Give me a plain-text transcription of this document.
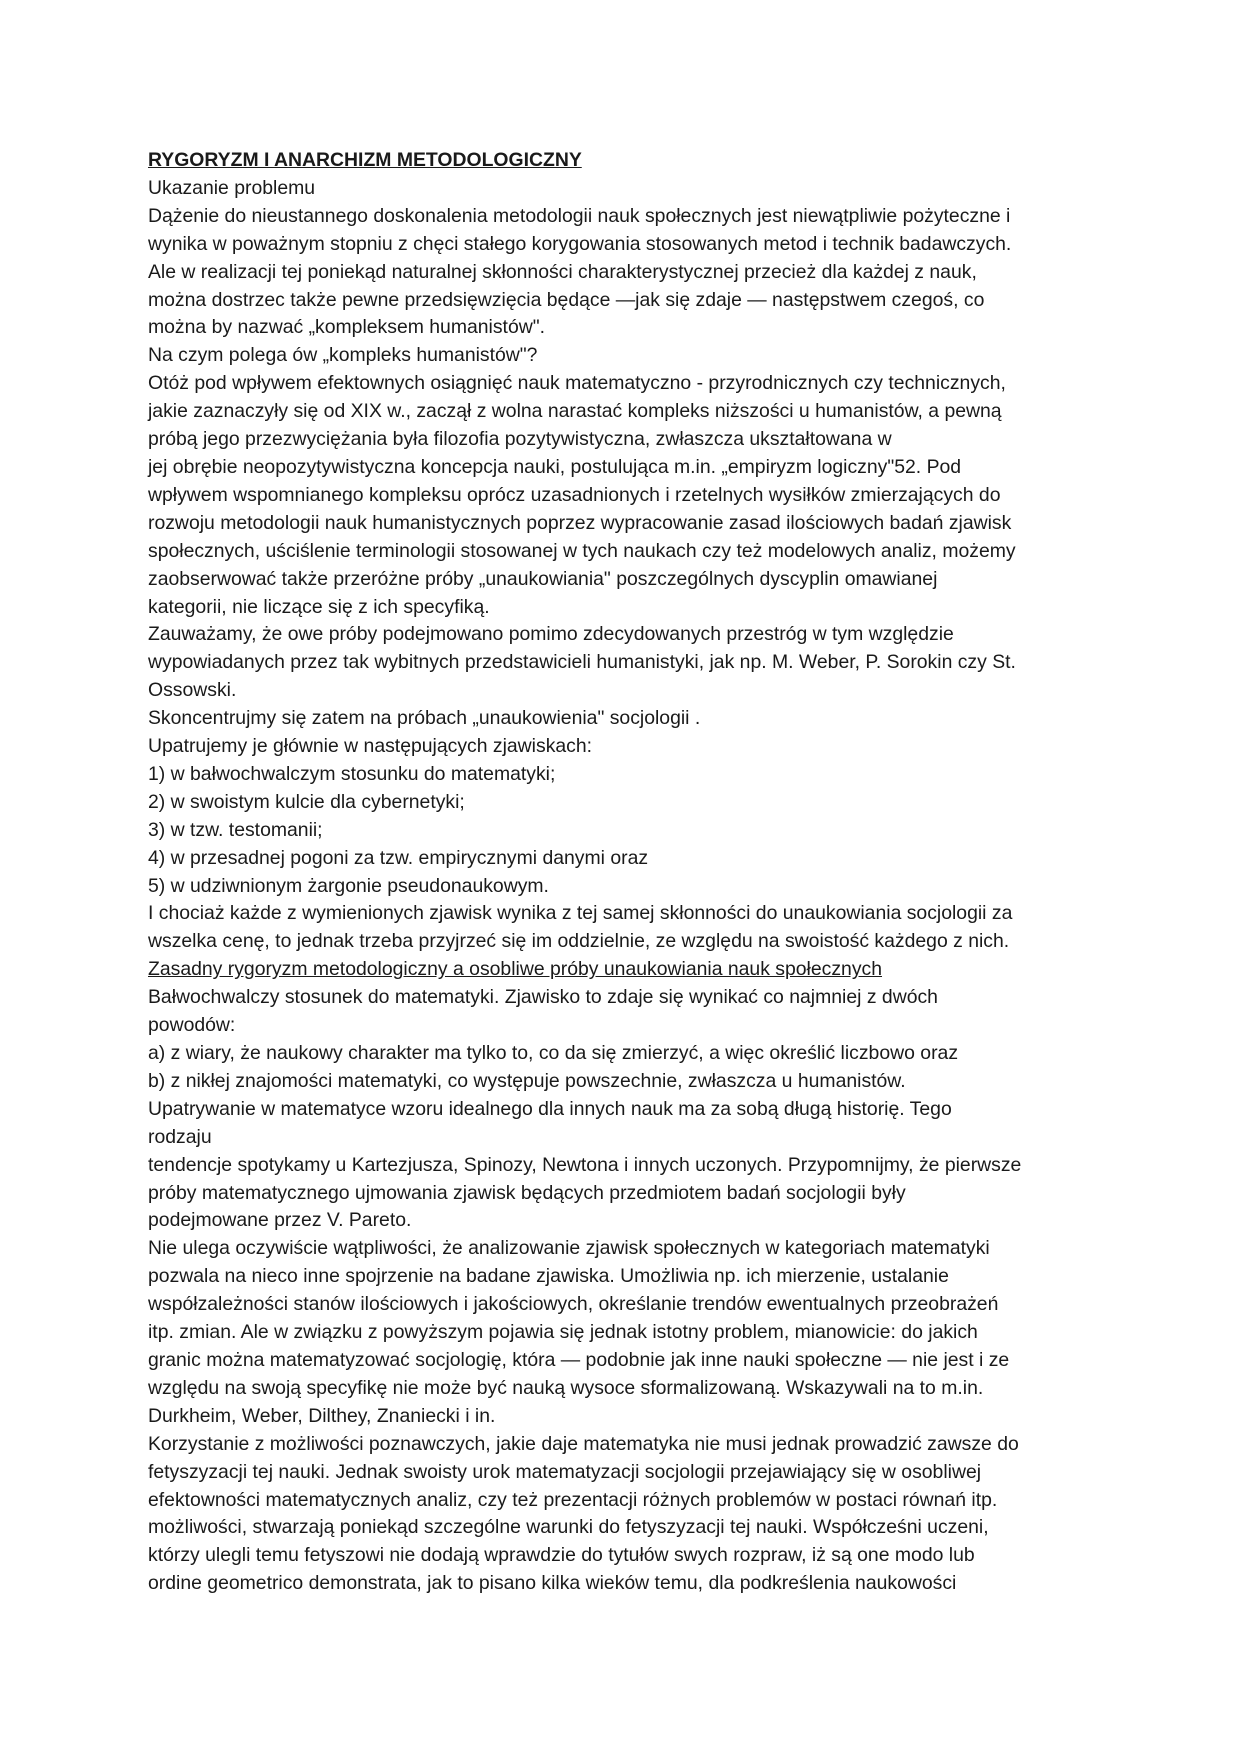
RYGORYZM I ANARCHIZM METODOLOGICZNY
Ukazanie problemu
Dążenie do nieustannego doskonalenia metodologii nauk społecznych jest niewątpliwie pożyteczne i
wynika w poważnym stopniu z chęci stałego korygowania stosowanych metod i technik badawczych.
Ale w realizacji tej poniekąd naturalnej skłonności charakterystycznej przecież dla każdej z nauk,
można dostrzec także pewne przedsięwzięcia będące —jak się zdaje — następstwem czegoś, co
można by nazwać „kompleksem humanistów".
Na czym polega ów „kompleks humanistów"?
Otóż pod wpływem efektownych osiągnięć nauk matematyczno - przyrodnicznych czy technicznych,
jakie zaznaczyły się od XIX w., zaczął z wolna narastać kompleks niższości u humanistów, a pewną
próbą jego przezwyciężania była filozofia pozytywistyczna, zwłaszcza ukształtowana w
jej obrębie neopozytywistyczna koncepcja nauki, postulująca m.in. „empiryzm logiczny"52. Pod
wpływem wspomnianego kompleksu oprócz uzasadnionych i rzetelnych wysiłków zmierzających do
rozwoju metodologii nauk humanistycznych poprzez wypracowanie zasad ilościowych badań zjawisk
społecznych, uściślenie terminologii stosowanej w tych naukach czy też modelowych analiz, możemy
zaobserwować także przeróżne próby „unaukowiania" poszczególnych dyscyplin omawianej
kategorii, nie liczące się z ich specyfiką.
Zauważamy, że owe próby podejmowano pomimo zdecydowanych przestróg w tym względzie
wypowiadanych przez tak wybitnych przedstawicieli humanistyki, jak np. M. Weber, P. Sorokin czy St.
Ossowski.
Skoncentrujmy się zatem na próbach „unaukowienia" socjologii .
Upatrujemy je głównie w następujących zjawiskach:
1) w bałwochwalczym stosunku do matematyki;
2) w swoistym kulcie dla cybernetyki;
3) w tzw. testomanii;
4) w przesadnej pogoni za tzw. empirycznymi danymi oraz
5) w udziwnionym żargonie pseudonaukowym.
I chociaż każde z wymienionych zjawisk wynika z tej samej skłonności do unaukowiania socjologii za
wszelka cenę, to jednak trzeba przyjrzeć się im oddzielnie, ze względu na swoistość każdego z nich.
Zasadny rygoryzm metodologiczny a osobliwe próby unaukowiania nauk społecznych
Bałwochwalczy stosunek do matematyki. Zjawisko to zdaje się wynikać co najmniej z dwóch
powodów:
a) z wiary, że naukowy charakter ma tylko to, co da się zmierzyć, a więc określić liczbowo oraz
b) z nikłej znajomości matematyki, co występuje powszechnie, zwłaszcza u humanistów.
Upatrywanie w matematyce wzoru idealnego dla innych nauk ma za sobą długą historię. Tego
rodzaju
tendencje spotykamy u Kartezjusza, Spinozy, Newtona i innych uczonych. Przypomnijmy, że pierwsze
próby matematycznego ujmowania zjawisk będących przedmiotem badań socjologii były
podejmowane przez V. Pareto.
Nie ulega oczywiście wątpliwości, że analizowanie zjawisk społecznych w kategoriach matematyki
pozwala na nieco inne spojrzenie na badane zjawiska. Umożliwia np. ich mierzenie, ustalanie
współzależności stanów ilościowych i jakościowych, określanie trendów ewentualnych przeobrażeń
itp. zmian. Ale w związku z powyższym pojawia się jednak istotny problem, mianowicie: do jakich
granic można matematyzować socjologię, która — podobnie jak inne nauki społeczne — nie jest i ze
względu na swoją specyfikę nie może być nauką wysoce sformalizowaną. Wskazywali na to m.in.
Durkheim, Weber, Dilthey, Znaniecki i in.
Korzystanie z możliwości poznawczych, jakie daje matematyka nie musi jednak prowadzić zawsze do
fetyszyzacji tej nauki. Jednak swoisty urok matematyzacji socjologii przejawiający się w osobliwej
efektowności matematycznych analiz, czy też prezentacji różnych problemów w postaci równań itp.
możliwości, stwarzają poniekąd szczególne warunki do fetyszyzacji tej nauki. Współcześni uczeni,
którzy ulegli temu fetyszowi nie dodają wprawdzie do tytułów swych rozpraw, iż są one modo lub
ordine geometrico demonstrata, jak to pisano kilka wieków temu, dla podkreślenia naukowości
